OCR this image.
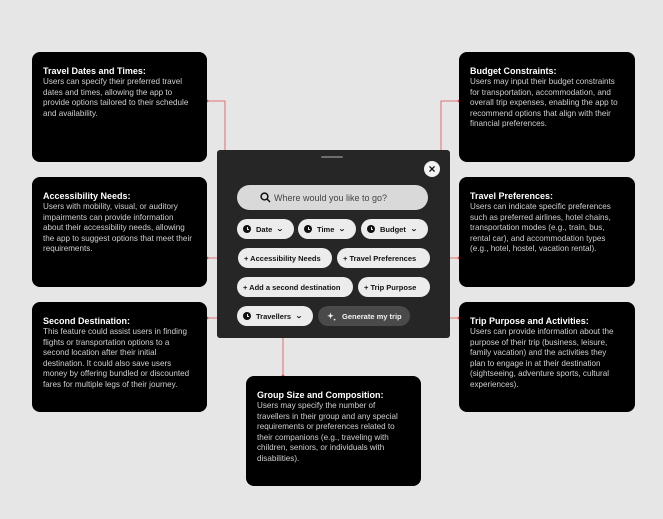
Travel Dates and Times:
Users can specify their preferred travel dates and times, allowing the app to provide options tailored to their schedule and availability.
Accessibility Needs:
Users with mobility, visual, or auditory impairments can provide information about their accessibility needs, allowing the app to suggest options that meet their requirements.
Second Destination:
This feature could assist users in finding flights or transportation options to a second location after their initial destination. It could also save users money by offering bundled or discounted fares for multiple legs of their journey.
Budget Constraints:
Users may input their budget constraints for transportation, accommodation, and overall trip expenses, enabling the app to recommend options that align with their financial preferences.
Travel Preferences:
Users can indicate specific preferences such as preferred airlines, hotel chains, transportation modes (e.g., train, bus, rental car), and accommodation types (e.g., hotel, hostel, vacation rental).
Trip Purpose and Activities:
Users can provide information about the purpose of their trip (business, leisure, family vacation) and the activities they plan to engage in at their destination (sightseeing, adventure sports, cultural experiences).
Group Size and Composition:
Users may specify the number of travellers in their group and any special requirements or preferences related to their companions (e.g., traveling with children, seniors, or individuals with disabilities).
×
Where would you like to go?
Date ⌄	Time ⌄	Budget ⌄
+ Accessibility Needs	+ Travel Preferences
+ Add a second destination	+ Trip Purpose
Travellers ⌄	Generate my trip
